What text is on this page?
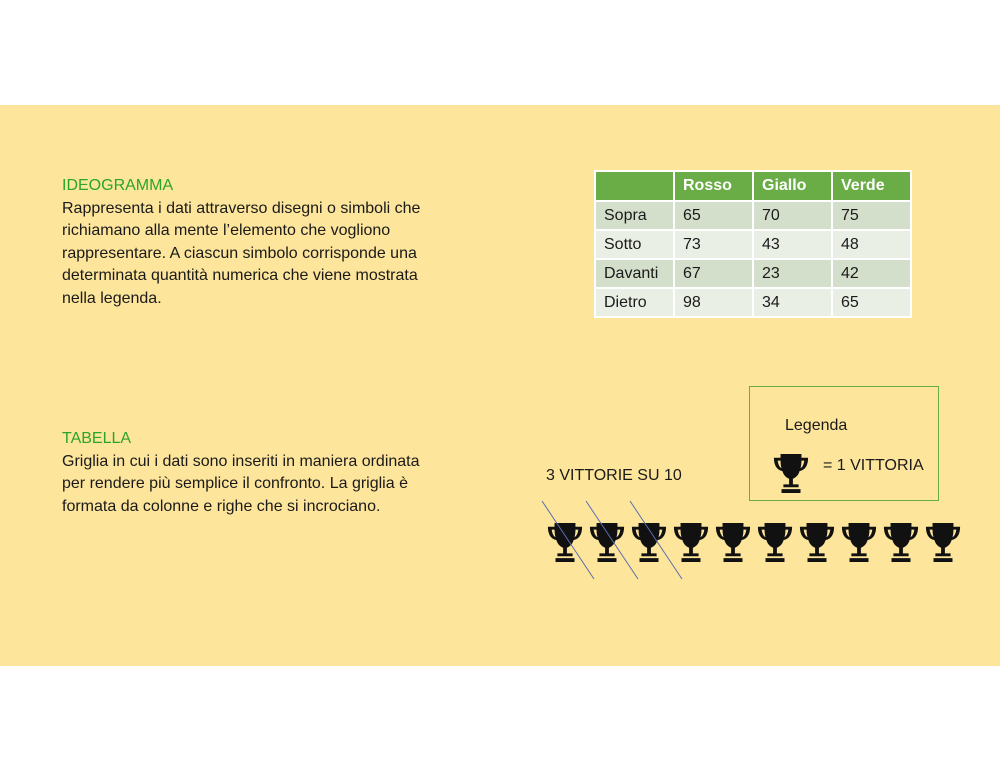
IDEOGRAMMA
Rappresenta i dati attraverso disegni o simboli che richiamano alla mente l’elemento che vogliono rappresentare. A ciascun simbolo corrisponde una determinata quantità numerica che viene mostrata nella legenda.
TABELLA
Griglia in cui i dati sono inseriti in maniera ordinata per rendere più semplice il confronto. La griglia è formata da colonne e righe che si incrociano.
	Rosso	Giallo	Verde
Sopra	65	70	75
Sotto	73	43	48
Davanti	67	23	42
Dietro	98	34	65
Legenda
= 1 VITTORIA
3 VITTORIE SU 10
